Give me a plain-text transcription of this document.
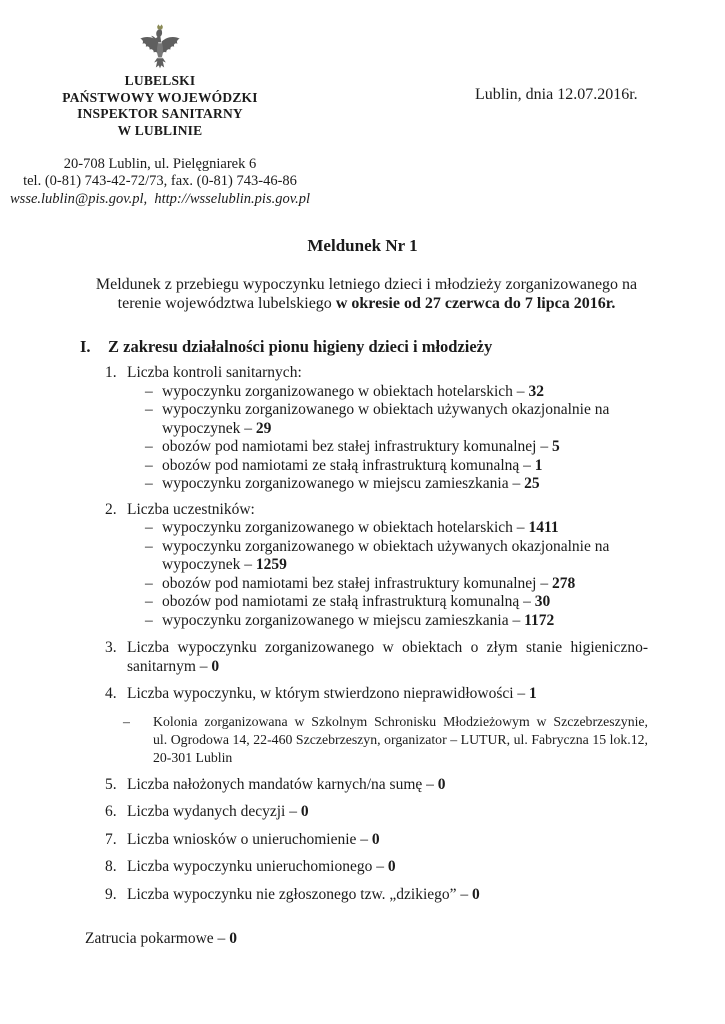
LUBELSKI
PAŃSTWOWY WOJEWÓDZKI
INSPEKTOR SANITARNY
W LUBLINIE
Lublin, dnia 12.07.2016r.
20-708 Lublin, ul. Pielęgniarek 6
tel. (0-81) 743-42-72/73, fax. (0-81) 743-46-86
wsse.lublin@pis.gov.pl,  http://wsselublin.pis.gov.pl
Meldunek Nr 1

Meldunek z przebiegu wypoczynku letniego dzieci i młodzieży zorganizowanego na
terenie województwa lubelskiego w okresie od 27 czerwca do 7 lipca 2016r.

I.	Z zakresu działalności pionu higieny dzieci i młodzieży
1. Liczba kontroli sanitarnych:
– wypoczynku zorganizowanego w obiektach hotelarskich – 32
– wypoczynku zorganizowanego w obiektach używanych okazjonalnie na
wypoczynek – 29
– obozów pod namiotami bez stałej infrastruktury komunalnej – 5
– obozów pod namiotami ze stałą infrastrukturą komunalną – 1
– wypoczynku zorganizowanego w miejscu zamieszkania – 25
2. Liczba uczestników:
– wypoczynku zorganizowanego w obiektach hotelarskich – 1411
– wypoczynku zorganizowanego w obiektach używanych okazjonalnie na
wypoczynek – 1259
– obozów pod namiotami bez stałej infrastruktury komunalnej – 278
– obozów pod namiotami ze stałą infrastrukturą komunalną – 30
– wypoczynku zorganizowanego w miejscu zamieszkania – 1172
3. Liczba wypoczynku zorganizowanego w obiektach o złym stanie higieniczno-
sanitarnym – 0
4. Liczba wypoczynku, w którym stwierdzono nieprawidłowości – 1
–	Kolonia zorganizowana w Szkolnym Schronisku Młodzieżowym w Szczebrzeszynie,
ul. Ogrodowa 14, 22-460 Szczebrzeszyn, organizator – LUTUR, ul. Fabryczna 15 lok.12,
20-301 Lublin
5. Liczba nałożonych mandatów karnych/na sumę – 0
6. Liczba wydanych decyzji – 0
7. Liczba wniosków o unieruchomienie – 0
8. Liczba wypoczynku unieruchomionego – 0
9. Liczba wypoczynku nie zgłoszonego tzw. „dzikiego” – 0
Zatrucia pokarmowe – 0
